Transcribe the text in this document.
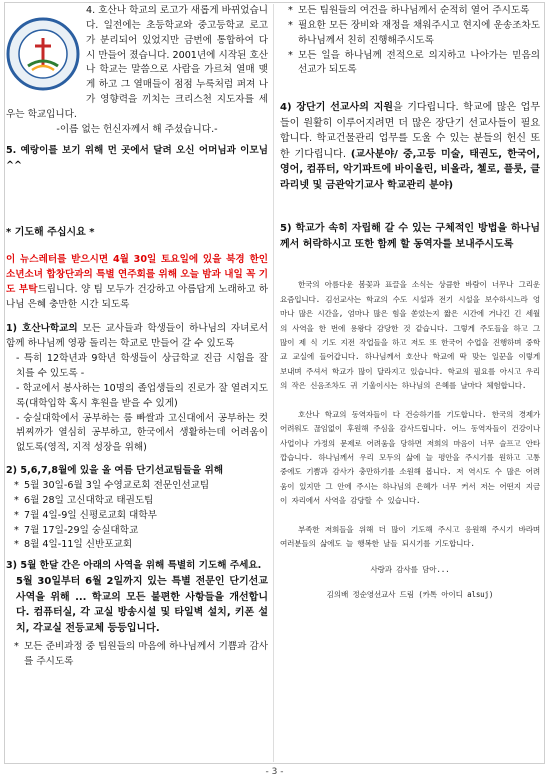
4. 호산나 학교의 로고가 새롭게 바뀌었습니다. 일전에는 초등학교와 중고등학교 로고가 분리되어 있었지만 금번에 통합하여 다시 만들어 졌습니다. 2001년에 시작된 호산나 학교는 말씀으로 사람을 가르쳐 열매 맺게 하고 그 열매들이 점점 누룩처럼 퍼져 나가 영향력을 끼치는 크리스천 지도자를 세우는 학교입니다.

-이름 없는 헌신자께서 해 주셨습니다.-

5. 예랑이를 보기 위해 먼 곳에서 달려 오신 어머님과 이모님 ^^

* 기도해 주십시요 *

이 뉴스레터를 받으시면 4월 30일 토요일에 있을 북경 한인 소년소녀 합창단과의 특별 연주회를 위해 오늘 밤과 내일 꼭 기도 부탁드립니다. 양 팀 모두가 건강하고 아름답게 노래하고 하나님 은혜 충만한 시간 되도록

1) 호산나학교의 모든 교사들과 학생들이 하나님의 자녀로서 함께 하나님께 영광 돌리는 학교로 만들어 갈 수 있도록

- 특히 12학년과 9학년 학생들이 상급학교 진급 시험을 잘 치를 수 있도록 -

- 학교에서 봉사하는 10명의 졸업생들의 진로가 잘 열려지도록(대학입학 혹시 후원을 받을 수 있게)

- 숭실대학에서 공부하는 룸 빠쌀과 고신대에서 공부하는 컷 뷔찌까가 열심히 공부하고, 한국에서 생활하는데 어려움이 없도록(영적, 지적 성장을 위해)

2) 5,6,7,8월에 있을 올 여름 단기선교팀들을 위해

* 5월 30일-6월 3일 수영교로회 전문인선교팀

* 6월 28일 고신대학교 태권도팀

* 7월 4일-9일 신평로교회 대학부

* 7월 17일-29일 숭실대학교

* 8월 4일-11일 신반포교회

3) 5월 한달 간은 아래의 사역을 위해 특별히 기도해 주세요.

5월 30일부터 6월 2일까지 있는 특별 전문인 단기선교사역을 위해 ... 학교의 모든 불편한 사항들을 개선합니다. 컴퓨터실, 각 교실 방송시설 및 타일벽 설치, 키폰 설치, 각교실 전등교체 등등입니다.

* 모든 준비과정 중 팀원들의 마음에 하나님께서 기쁨과 감사를 주시도록

* 모든 팀원들의 여건을 하나님께서 순적히 열어 주시도록

* 필요한 모든 장비와 재정을 채워주시고 현지에 운송조차도 하나님께서 친히 진행해주시도록

* 모든 일을 하나님께 전적으로 의지하고 나아가는 믿음의 선교가 되도록

4) 장단기 선교사의 지원을 기다립니다. 학교에 많은 업무들이 원활히 이루어지려면 더 많은 장단기 선교사들이 필요합니다. 학교건물관리 업무를 도울 수 있는 분들의 헌신 또한 기다립니다. (교사분야/ 중,고등 미술, 태권도, 한국어, 영어, 컴퓨터, 악기파트에 바이올린, 비올라, 첼로, 플룻, 클라리넷 및 금관악기교사 학교관리 분야)

5) 학교가 속히 자립해 갈 수 있는 구체적인 방법을 하나님께서 허락하시고 또한 함께 할 동역자를 보내주시도록

한국의 아름다운 봄꽃과 표끌을 소식는 상큼한 바람이 너무나 그리운 요즘입니다. 김선교사는 학교의 수도 시설과 전기 시설을 보수하시느라 엉마나 많은 시간을, 엄마나 많은 힘을 쏟었는지 짧은 시간에 거나긴 긴 세월의 사역을 한 번에 용왕다 감당한 것 같습니다. 그렇게 주도들을 하고 그 많이 제 식 기도 지전 작업들을 하고 저도 또 한국어 수업을 진행하며 중학교 교실에 들어갑니다. 하나님께서 호산나 학교에 딱 맞는 일꾼을 이렇게 보내며 주셔서 학교가 많이 달라지고 있습니다. 학교의 필요를 아시고 우리의 작은 신음조차도 귀 기울이시는 하나님의 은혜를 날마다 체험합니다.

호산나 학교의 동역자들이 다 건승하기를 기도합니다. 한국의 경제가 어려워도 끊임없이 후원해 주심을 감사드립니다. 어느 동역자들이 건강이나 사업이나 가정의 문제로 어려움을 당하면 저희의 마음이 너무 슬프고 안타깝습니다. 하나님께서 우리 모두의 삶에 늘 평안을 주시기를 원하고 고통 중에도 기쁨과 감사가 충만하기를 소원해 봅니다. 저 역시도 수 많은 어려움이 있지만 그 안에 주시는 하나님의 은혜가 너무 커서 저는 어떤지 지금 이 자리에서 사역을 감당할 수 있습니다.

부족한 저희들을 위해 더 많이 기도해 주시고 응원해 주시기 바라며 여러분들의 삶에도 늘 행복한 날들 되시기를 기도합니다.

사랑과 감사를 담아...

김의배 정순영선교사 드림 (카톡 아이디 alsuj)

- 3 -
